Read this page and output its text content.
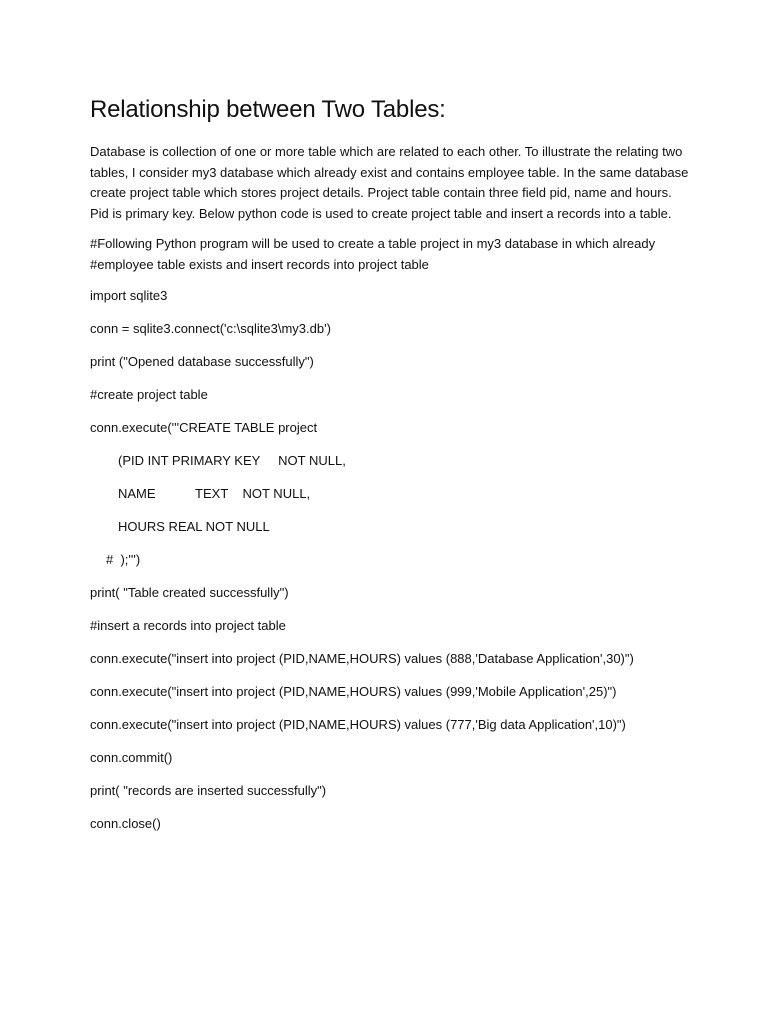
Relationship between Two Tables:

Database is collection of one or more table which are related to each other. To illustrate the relating two
tables, I consider my3 database which already exist and contains employee table. In the same database
create project table which stores project details. Project table contain three field pid, name and hours.
Pid is primary key. Below python code is used to create project table and insert a records into a table.

#Following Python program will be used to create a table project in my3 database in which already
#employee table exists and insert records into project table

import sqlite3

conn = sqlite3.connect('c:\sqlite3\my3.db')

print ("Opened database successfully")

#create project table

conn.execute('''CREATE TABLE project

(PID INT PRIMARY KEY     NOT NULL,

NAME           TEXT    NOT NULL,

HOURS REAL NOT NULL

#  );''')

print( "Table created successfully")

#insert a records into project table

conn.execute("insert into project (PID,NAME,HOURS) values (888,'Database Application',30)")

conn.execute("insert into project (PID,NAME,HOURS) values (999,'Mobile Application',25)")

conn.execute("insert into project (PID,NAME,HOURS) values (777,'Big data Application',10)")

conn.commit()

print( "records are inserted successfully")

conn.close()
